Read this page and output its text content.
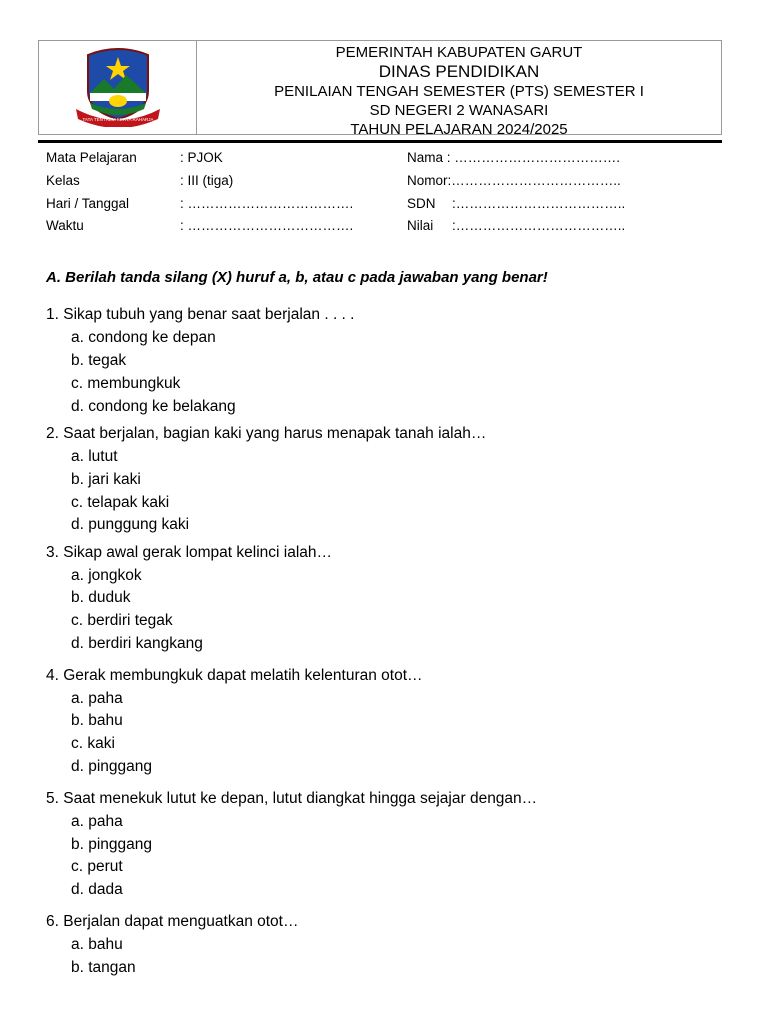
TATA TENTREM KERTA RAHARJA
PEMERINTAH KABUPATEN GARUT
DINAS PENDIDIKAN
PENILAIAN TENGAH SEMESTER (PTS) SEMESTER I
SD NEGERI 2 WANASARI
TAHUN PELAJARAN 2024/2025
Mata Pelajaran	: PJOK
Kelas	: III (tiga)
Hari / Tanggal	: ……………………………….
Waktu	: ……………………………….
Nama : ……………………………….
Nomor:………………………………..
SDN :………………………………..
Nilai :………………………………..
A. Berilah tanda silang (X) huruf a, b, atau c pada jawaban yang benar!
1. Sikap tubuh yang benar saat berjalan . . . .
a. condong ke depan
b. tegak
c. membungkuk
d. condong ke belakang
2. Saat berjalan, bagian kaki yang harus menapak tanah ialah…
a. lutut
b. jari kaki
c. telapak kaki
d. punggung kaki
3. Sikap awal gerak lompat kelinci ialah…
a. jongkok
b. duduk
c. berdiri tegak
d. berdiri kangkang
4. Gerak membungkuk dapat melatih kelenturan otot…
a. paha
b. bahu
c. kaki
d. pinggang
5. Saat menekuk lutut ke depan, lutut diangkat hingga sejajar dengan…
a. paha
b. pinggang
c. perut
d. dada
6. Berjalan dapat menguatkan otot…
a. bahu
b. tangan
